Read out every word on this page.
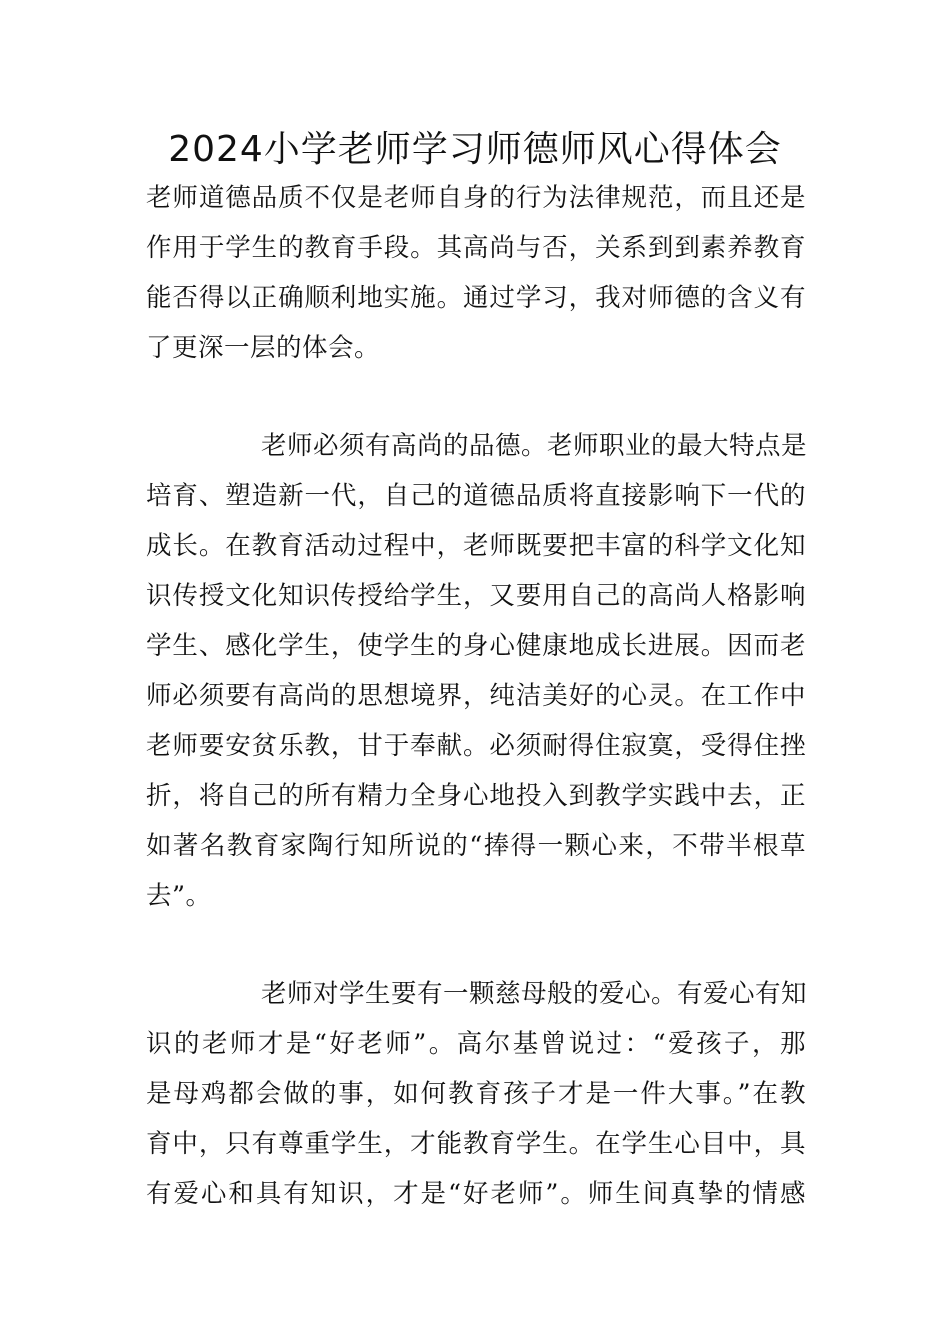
2024小学老师学习师德师风心得体会

老师道德品质不仅是老师自身的行为法律规范，而且还是

作用于学生的教育手段。其高尚与否，关系到到素养教育

能否得以正确顺利地实施。通过学习，我对师德的含义有

了更深一层的体会。

老师必须有高尚的品德。老师职业的最大特点是

培育、塑造新一代，自己的道德品质将直接影响下一代的

成长。在教育活动过程中，老师既要把丰富的科学文化知

识传授文化知识传授给学生，又要用自己的高尚人格影响

学生、感化学生，使学生的身心健康地成长进展。因而老

师必须要有高尚的思想境界，纯洁美好的心灵。在工作中

老师要安贫乐教，甘于奉献。必须耐得住寂寞，受得住挫

折，将自己的所有精力全身心地投入到教学实践中去，正

如著名教育家陶行知所说的“捧得一颗心来，不带半根草

去”。

老师对学生要有一颗慈母般的爱心。有爱心有知

识的老师才是“好老师”。高尔基曾说过：“爱孩子，那

是母鸡都会做的事，如何教育孩子才是一件大事。”在教

育中，只有尊重学生，才能教育学生。在学生心目中，具

有爱心和具有知识，才是“好老师”。师生间真挚的情感
